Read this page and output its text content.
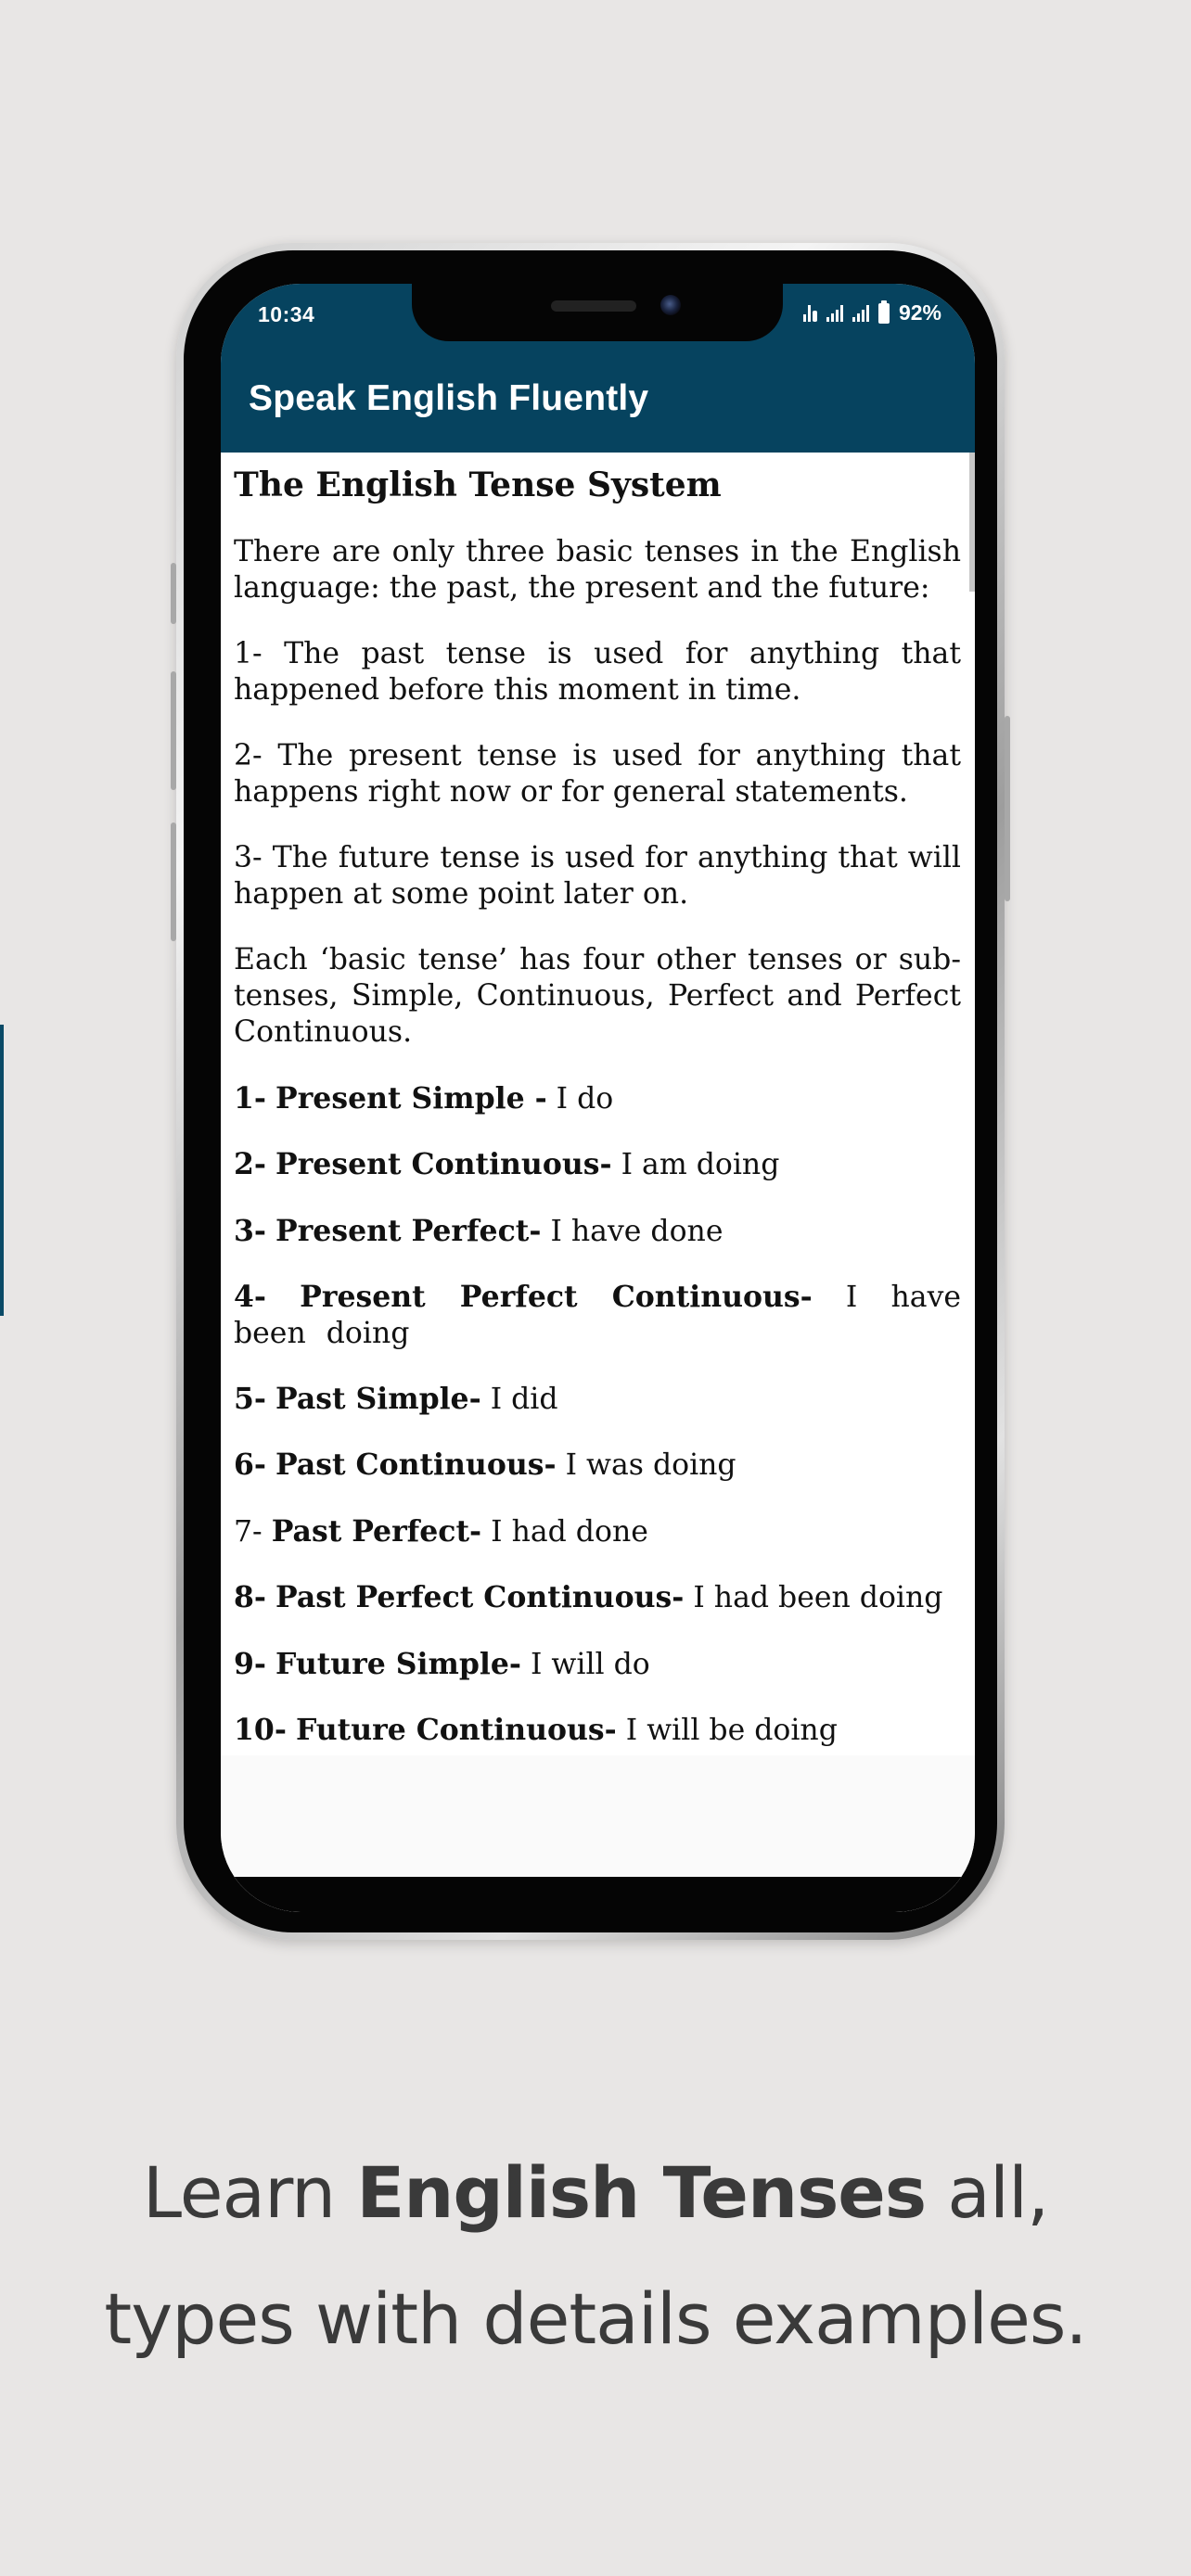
10:34	92%
Speak English Fluently
The English Tense System

There are only three basic tenses in the English language: the past, the present and the future:

1- The past tense is used for anything that happened before this moment in time.

2- The present tense is used for anything that happens right now or for general statements.

3- The future tense is used for anything that will happen at some point later on.

Each ‘basic tense’ has four other tenses or sub-tenses, Simple, Continuous, Perfect and Perfect Continuous.

1- Present Simple - I do

2- Present Continuous- I am doing

3- Present Perfect- I have done

4- Present Perfect Continuous- I have been doing

5- Past Simple- I did

6- Past Continuous- I was doing

7- Past Perfect- I had done

8- Past Perfect Continuous- I had been doing

9- Future Simple- I will do

10- Future Continuous- I will be doing

Learn English Tenses all,
types with details examples.
